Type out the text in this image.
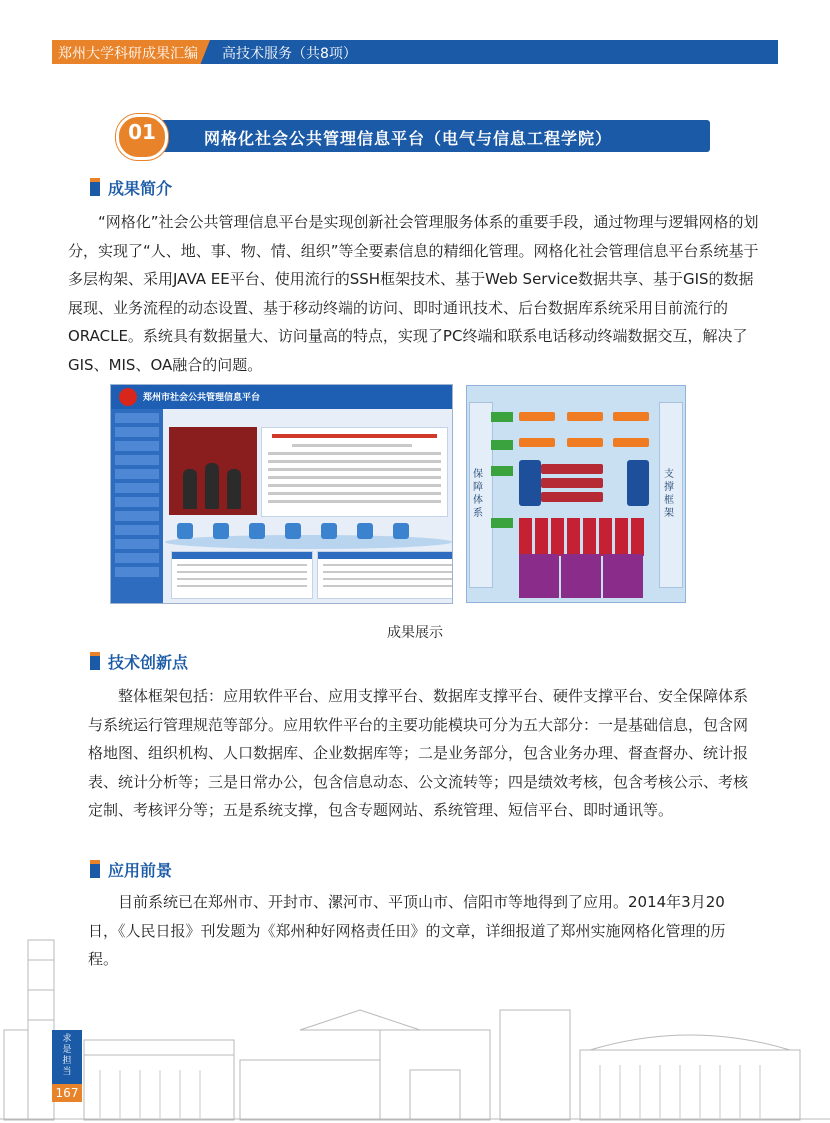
郑州大学科研成果汇编 高技术服务（共8项）
01	网格化社会公共管理信息平台（电气与信息工程学院）
成果简介

“网格化”社会公共管理信息平台是实现创新社会管理服务体系的重要手段，通过物理与逻辑网格的划分，实现了“人、地、事、物、情、组织”等全要素信息的精细化管理。网格化社会管理信息平台系统基于多层构架、采用JAVA EE平台、使用流行的SSH框架技术、基于Web Service数据共享、基于GIS的数据展现、业务流程的动态设置、基于移动终端的访问、即时通讯技术、后台数据库系统采用目前流行的ORACLE。系统具有数据量大、访问量高的特点，实现了PC终端和联系电话移动终端数据交互，解决了GIS、MIS、OA融合的问题。

郑州市社会公共管理信息平台
保障体系
支撑框架
成果展示
技术创新点

整体框架包括：应用软件平台、应用支撑平台、数据库支撑平台、硬件支撑平台、安全保障体系与系统运行管理规范等部分。应用软件平台的主要功能模块可分为五大部分：一是基础信息，包含网格地图、组织机构、人口数据库、企业数据库等；二是业务部分，包含业务办理、督查督办、统计报表、统计分析等；三是日常办公，包含信息动态、公文流转等；四是绩效考核，包含考核公示、考核定制、考核评分等；五是系统支撑，包含专题网站、系统管理、短信平台、即时通讯等。

应用前景

目前系统已在郑州市、开封市、漯河市、平顶山市、信阳市等地得到了应用。2014年3月20日，《人民日报》刊发题为《郑州种好网格责任田》的文章，详细报道了郑州实施网格化管理的历程。

求是担当
167
